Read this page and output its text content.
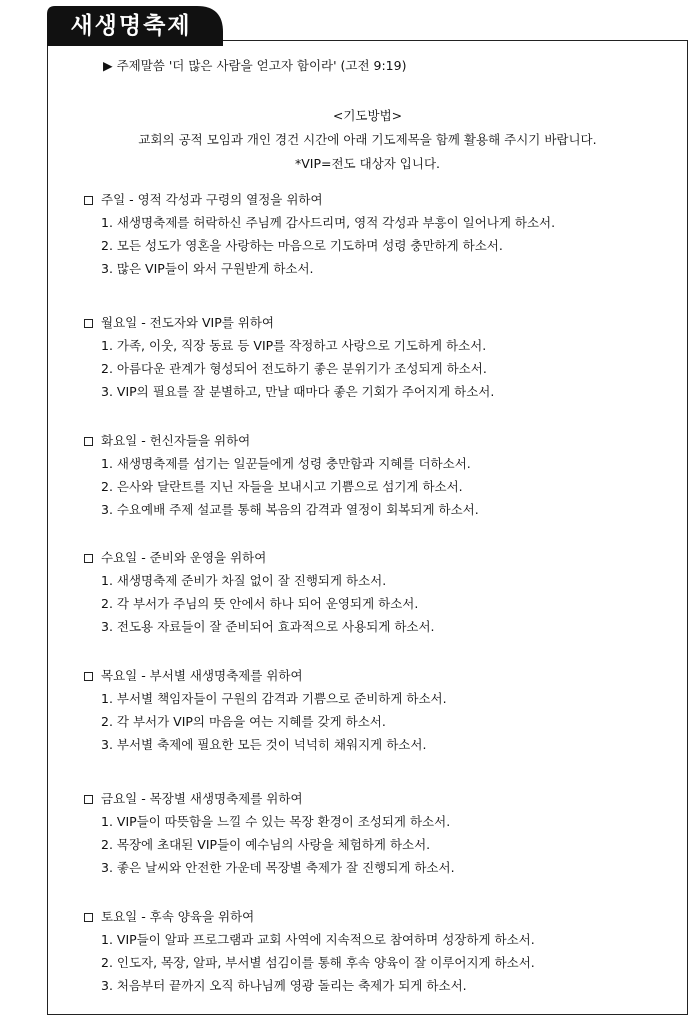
새생명축제
▶ 주제말씀 '더 많은 사람을 얻고자 함이라' (고전 9:19)
<기도방법>
교회의 공적 모임과 개인 경건 시간에 아래 기도제목을 함께 활용해 주시기 바랍니다.
*VIP=전도 대상자 입니다.
주일 - 영적 각성과 구령의 열정을 위하여
1. 새생명축제를 허락하신 주님께 감사드리며, 영적 각성과 부흥이 일어나게 하소서.
2. 모든 성도가 영혼을 사랑하는 마음으로 기도하며 성령 충만하게 하소서.
3. 많은 VIP들이 와서 구원받게 하소서.
월요일 - 전도자와 VIP를 위하여
1. 가족, 이웃, 직장 동료 등 VIP를 작정하고 사랑으로 기도하게 하소서.
2. 아름다운 관계가 형성되어 전도하기 좋은 분위기가 조성되게 하소서.
3. VIP의 필요를 잘 분별하고, 만날 때마다 좋은 기회가 주어지게 하소서.
화요일 - 헌신자들을 위하여
1. 새생명축제를 섬기는 일꾼들에게 성령 충만함과 지혜를 더하소서.
2. 은사와 달란트를 지닌 자들을 보내시고 기쁨으로 섬기게 하소서.
3. 수요예배 주제 설교를 통해 복음의 감격과 열정이 회복되게 하소서.
수요일 - 준비와 운영을 위하여
1. 새생명축제 준비가 차질 없이 잘 진행되게 하소서.
2. 각 부서가 주님의 뜻 안에서 하나 되어 운영되게 하소서.
3. 전도용 자료들이 잘 준비되어 효과적으로 사용되게 하소서.
목요일 - 부서별 새생명축제를 위하여
1. 부서별 책임자들이 구원의 감격과 기쁨으로 준비하게 하소서.
2. 각 부서가 VIP의 마음을 여는 지혜를 갖게 하소서.
3. 부서별 축제에 필요한 모든 것이 넉넉히 채워지게 하소서.
금요일 - 목장별 새생명축제를 위하여
1. VIP들이 따뜻함을 느낄 수 있는 목장 환경이 조성되게 하소서.
2. 목장에 초대된 VIP들이 예수님의 사랑을 체험하게 하소서.
3. 좋은 날씨와 안전한 가운데 목장별 축제가 잘 진행되게 하소서.
토요일 - 후속 양육을 위하여
1. VIP들이 알파 프로그램과 교회 사역에 지속적으로 참여하며 성장하게 하소서.
2. 인도자, 목장, 알파, 부서별 섬김이를 통해 후속 양육이 잘 이루어지게 하소서.
3. 처음부터 끝까지 오직 하나님께 영광 돌리는 축제가 되게 하소서.
